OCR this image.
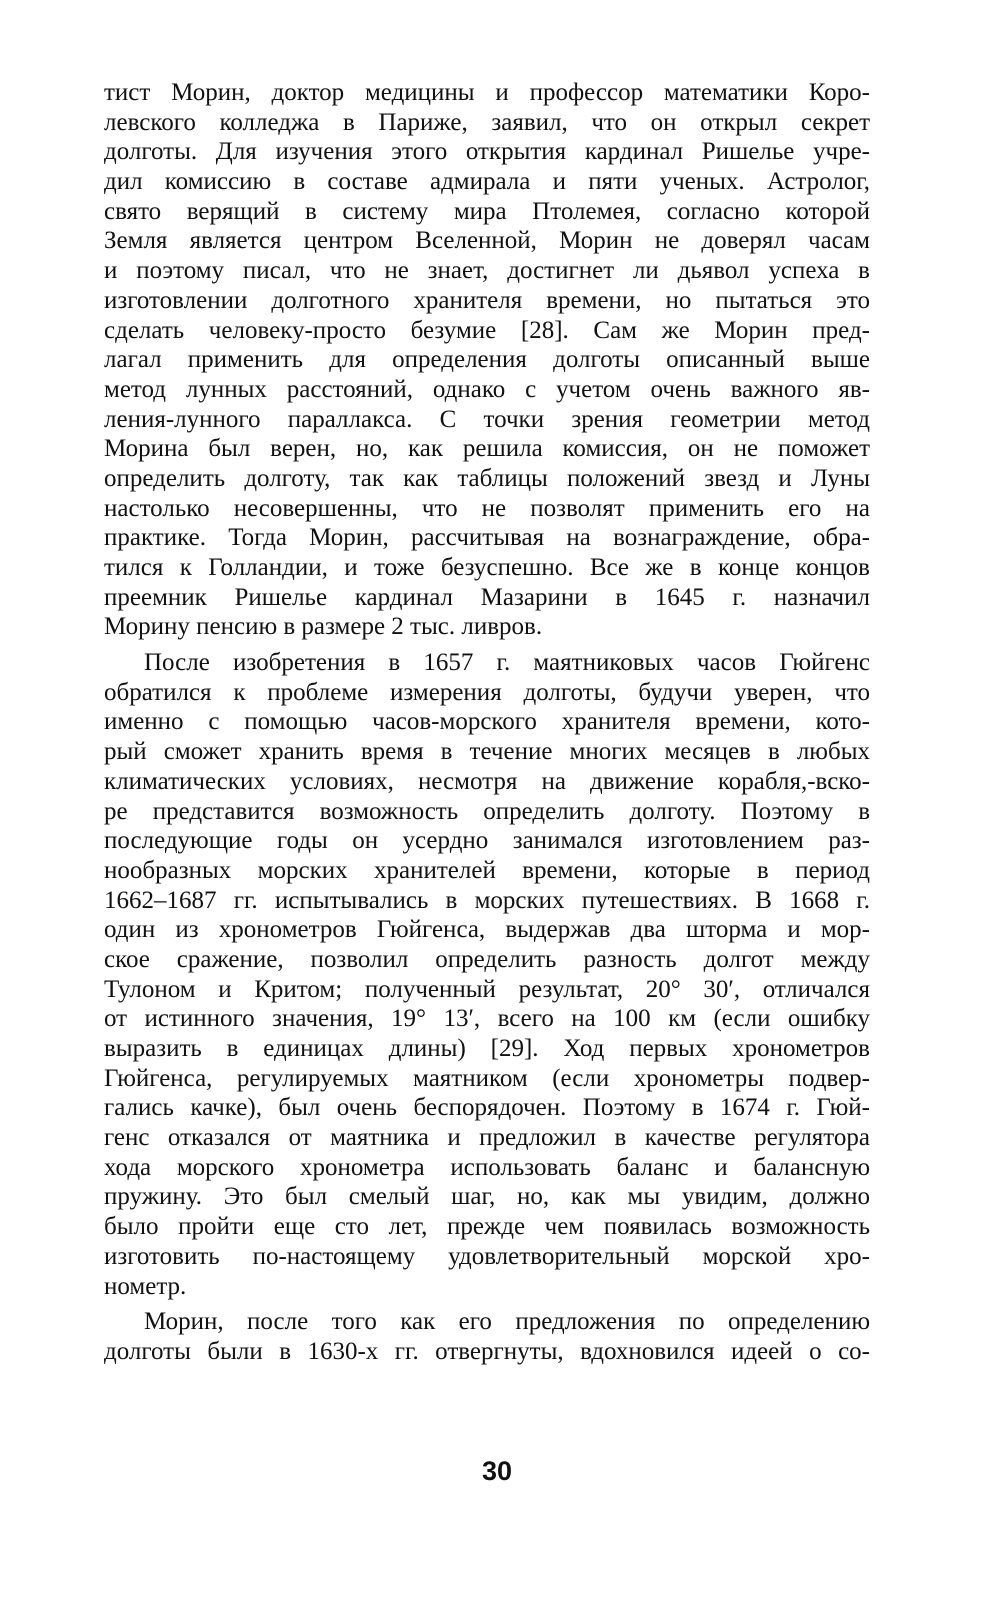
тист Морин, доктор медицины и профессор математики Коро-
левского колледжа в Париже, заявил, что он открыл секрет
долготы. Для изучения этого открытия кардинал Ришелье учре-
дил комиссию в составе адмирала и пяти ученых. Астролог,
свято верящий в систему мира Птолемея, согласно которой
Земля является центром Вселенной, Морин не доверял часам
и поэтому писал, что не знает, достигнет ли дьявол успеха в
изготовлении долготного хранителя времени, но пытаться это
сделать человеку-просто безумие [28]. Сам же Морин пред-
лагал применить для определения долготы описанный выше
метод лунных расстояний, однако с учетом очень важного яв-
ления-лунного параллакса. С точки зрения геометрии метод
Морина был верен, но, как решила комиссия, он не поможет
определить долготу, так как таблицы положений звезд и Луны
настолько несовершенны, что не позволят применить его на
практике. Тогда Морин, рассчитывая на вознаграждение, обра-
тился к Голландии, и тоже безуспешно. Все же в конце концов
преемник Ришелье кардинал Мазарини в 1645 г. назначил
Морину пенсию в размере 2 тыс. ливров.
После изобретения в 1657 г. маятниковых часов Гюйгенс
обратился к проблеме измерения долготы, будучи уверен, что
именно с помощью часов-морского хранителя времени, кото-
рый сможет хранить время в течение многих месяцев в любых
климатических условиях, несмотря на движение корабля,-вско-
ре представится возможность определить долготу. Поэтому в
последующие годы он усердно занимался изготовлением раз-
нообразных морских хранителей времени, которые в период
1662–1687 гг. испытывались в морских путешествиях. В 1668 г.
один из хронометров Гюйгенса, выдержав два шторма и мор-
ское сражение, позволил определить разность долгот между
Тулоном и Критом; полученный результат, 20° 30′, отличался
от истинного значения, 19° 13′, всего на 100 км (если ошибку
выразить в единицах длины) [29]. Ход первых хронометров
Гюйгенса, регулируемых маятником (если хронометры подвер-
гались качке), был очень беспорядочен. Поэтому в 1674 г. Гюй-
генс отказался от маятника и предложил в качестве регулятора
хода морского хронометра использовать баланс и балансную
пружину. Это был смелый шаг, но, как мы увидим, должно
было пройти еще сто лет, прежде чем появилась возможность
изготовить по-настоящему удовлетворительный морской хро-
нометр.
Морин, после того как его предложения по определению
долготы были в 1630-х гг. отвергнуты, вдохновился идеей о со-
30
